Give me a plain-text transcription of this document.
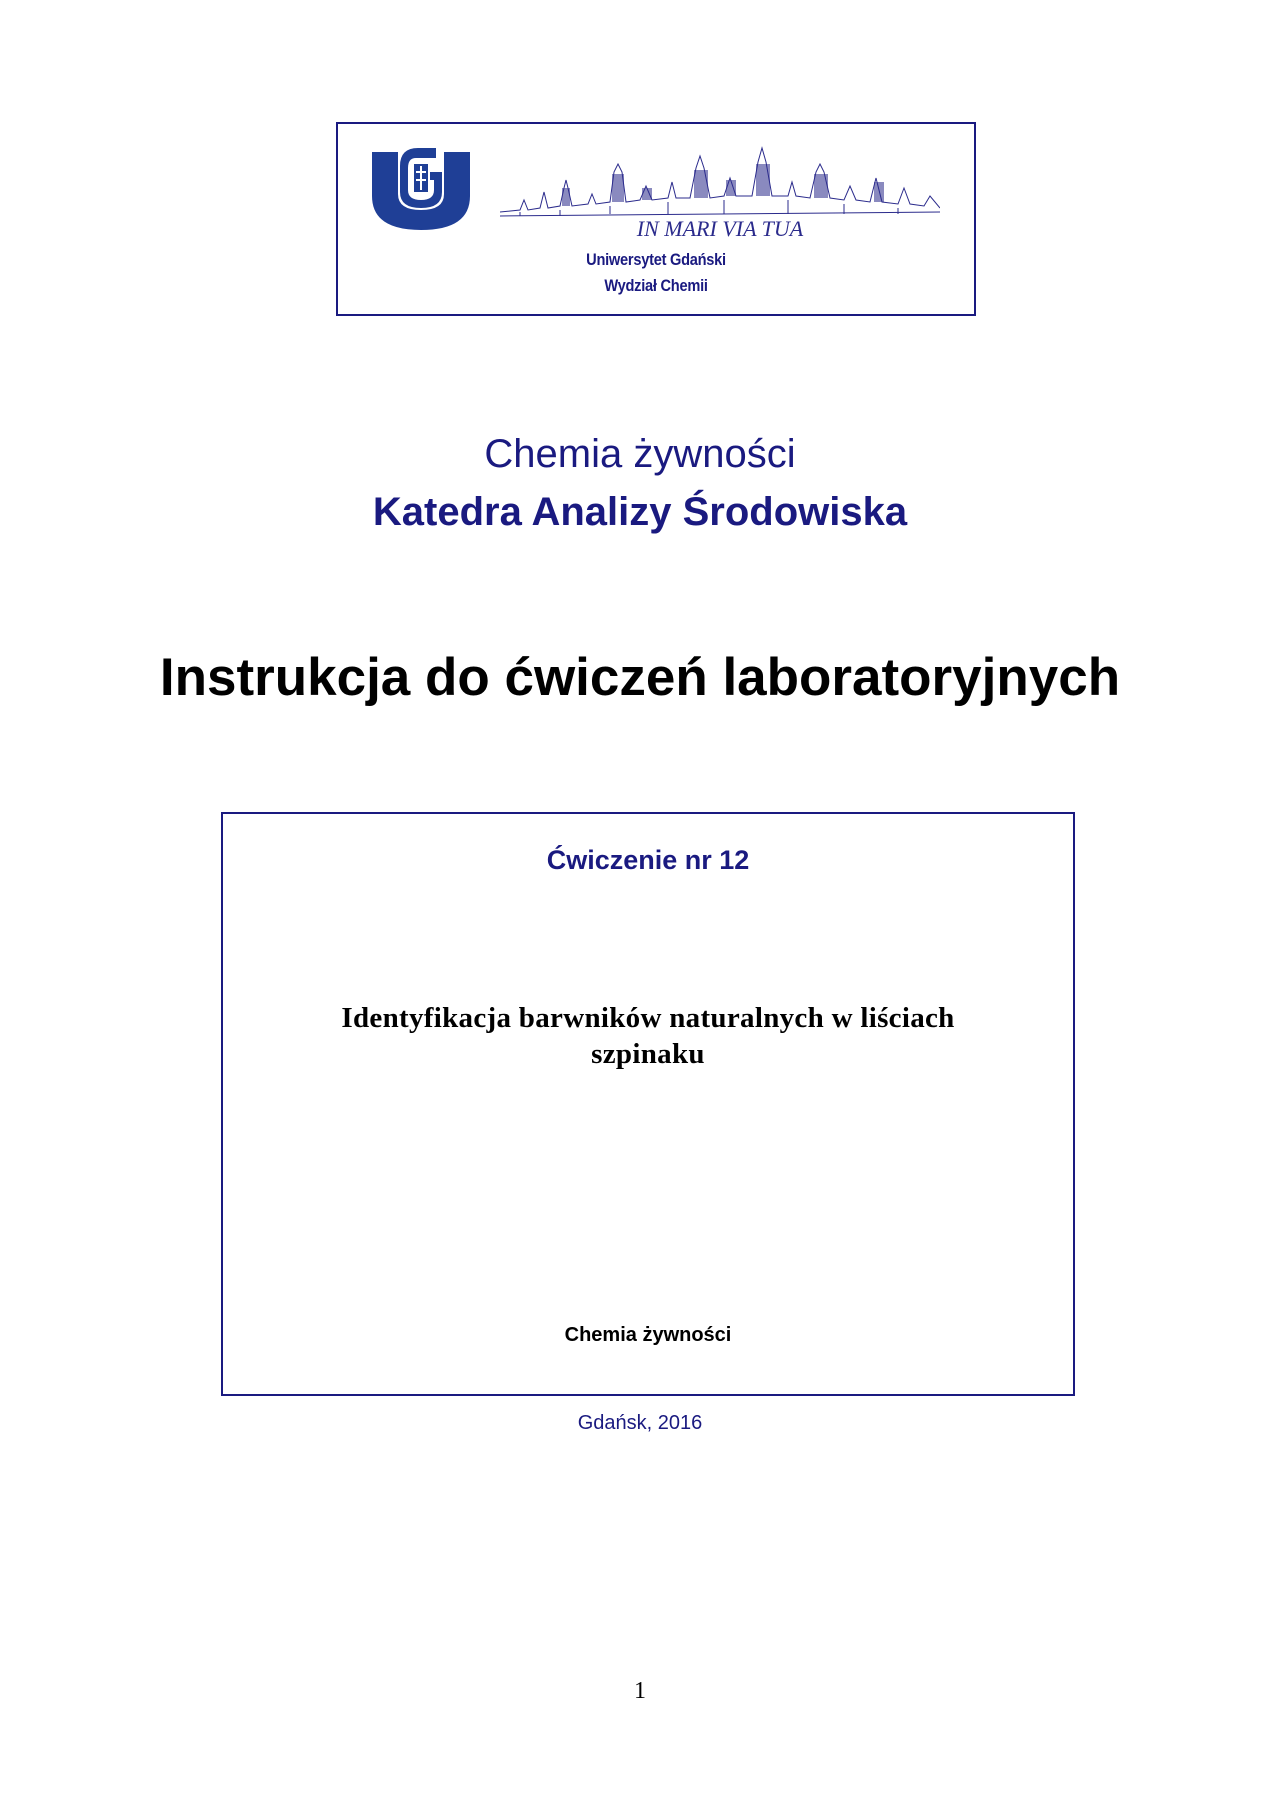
IN MARI VIA TUA
Uniwersytet Gdański
Wydział Chemii
Chemia żywności
Katedra Analizy Środowiska
Instrukcja do ćwiczeń laboratoryjnych
Ćwiczenie nr 12
Identyfikacja barwników naturalnych w liściach
szpinaku
Chemia żywności
Gdańsk, 2016
1
